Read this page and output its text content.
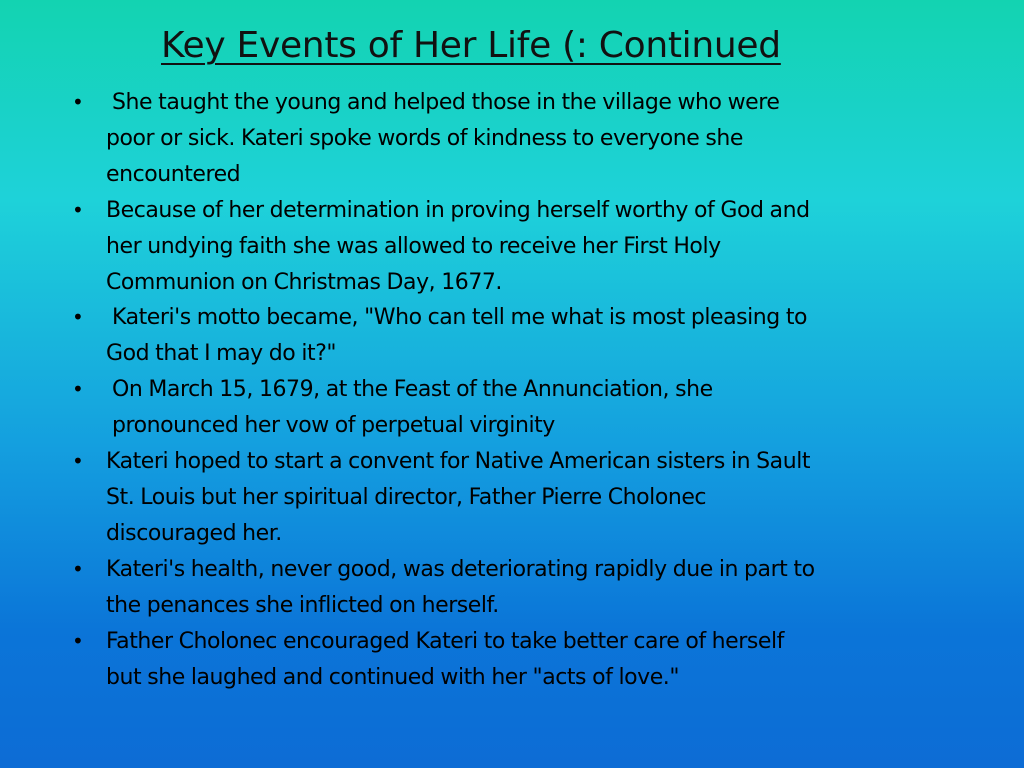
Key Events of Her Life (: Continued
•	She taught the young and helped those in the village who were
poor or sick. Kateri spoke words of kindness to everyone she
encountered
•	Because of her determination in proving herself worthy of God and
her undying faith she was allowed to receive her First Holy
Communion on Christmas Day, 1677.
•	Kateri's motto became, "Who can tell me what is most pleasing to
God that I may do it?"
•	On March 15, 1679, at the Feast of the Annunciation, she
pronounced her vow of perpetual virginity
•	Kateri hoped to start a convent for Native American sisters in Sault
St. Louis but her spiritual director, Father Pierre Cholonec
discouraged her.
•	Kateri's health, never good, was deteriorating rapidly due in part to
the penances she inflicted on herself.
•	Father Cholonec encouraged Kateri to take better care of herself
but she laughed and continued with her "acts of love."
